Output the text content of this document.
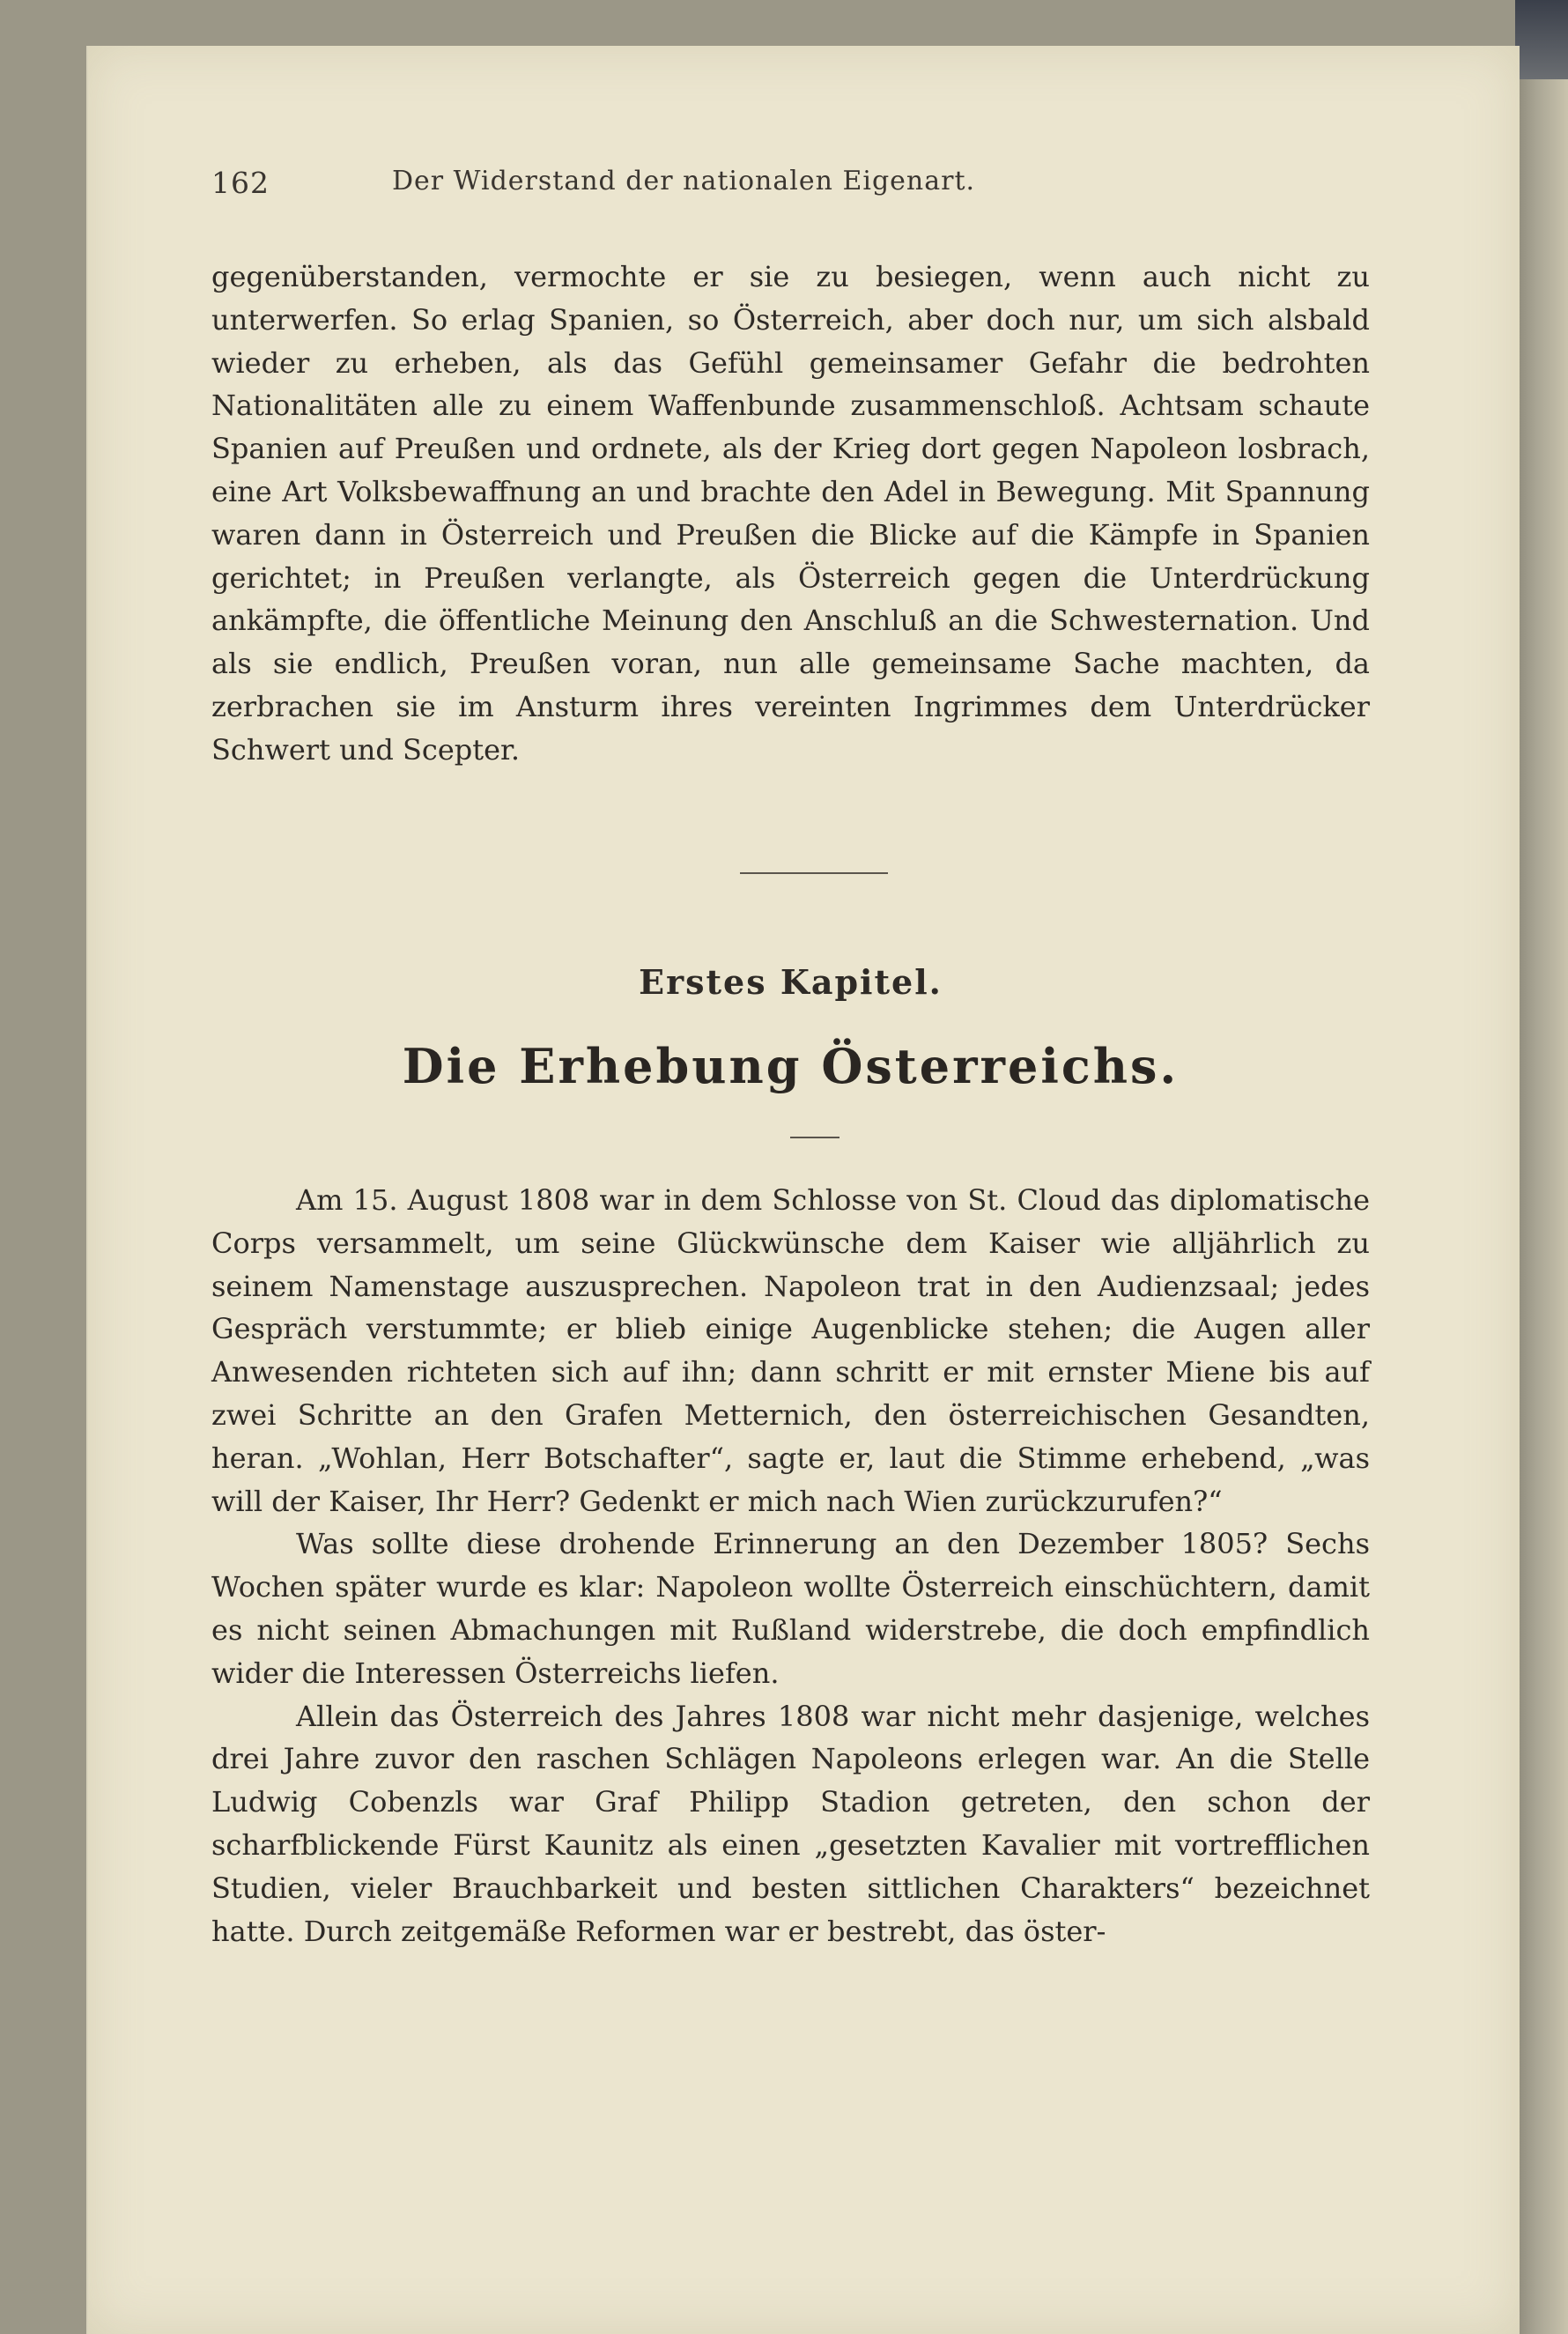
162	Der Widerstand der nationalen Eigenart.

gegenüberstanden, vermochte er sie zu besiegen, wenn auch nicht zu unterwerfen. So erlag Spanien, so Österreich, aber doch nur, um sich alsbald wieder zu erheben, als das Gefühl gemeinsamer Gefahr die bedrohten Nationalitäten alle zu einem Waffenbunde zusammenschloß. Achtsam schaute Spanien auf Preußen und ordnete, als der Krieg dort gegen Napoleon losbrach, eine Art Volksbewaffnung an und brachte den Adel in Bewegung. Mit Spannung waren dann in Österreich und Preußen die Blicke auf die Kämpfe in Spanien gerichtet; in Preußen verlangte, als Österreich gegen die Unterdrückung ankämpfte, die öffentliche Meinung den Anschluß an die Schwesternation. Und als sie endlich, Preußen voran, nun alle gemeinsame Sache machten, da zerbrachen sie im Ansturm ihres vereinten Ingrimmes dem Unterdrücker Schwert und Scepter.

Erstes Kapitel.
Die Erhebung Österreichs.

Am 15. August 1808 war in dem Schlosse von St. Cloud das diplomatische Corps versammelt, um seine Glückwünsche dem Kaiser wie alljährlich zu seinem Namenstage auszusprechen. Napoleon trat in den Audienzsaal; jedes Gespräch verstummte; er blieb einige Augenblicke stehen; die Augen aller Anwesenden richteten sich auf ihn; dann schritt er mit ernster Miene bis auf zwei Schritte an den Grafen Metternich, den österreichischen Gesandten, heran. „Wohlan, Herr Botschafter“, sagte er, laut die Stimme erhebend, „was will der Kaiser, Ihr Herr? Gedenkt er mich nach Wien zurückzurufen?“

Was sollte diese drohende Erinnerung an den Dezember 1805? Sechs Wochen später wurde es klar: Napoleon wollte Österreich einschüchtern, damit es nicht seinen Abmachungen mit Rußland widerstrebe, die doch empfindlich wider die Interessen Österreichs liefen.

Allein das Österreich des Jahres 1808 war nicht mehr dasjenige, welches drei Jahre zuvor den raschen Schlägen Napoleons erlegen war. An die Stelle Ludwig Cobenzls war Graf Philipp Stadion getreten, den schon der scharfblickende Fürst Kaunitz als einen „gesetzten Kavalier mit vortrefflichen Studien, vieler Brauchbarkeit und besten sittlichen Charakters“ bezeichnet hatte. Durch zeitgemäße Reformen war er bestrebt, das öster-
